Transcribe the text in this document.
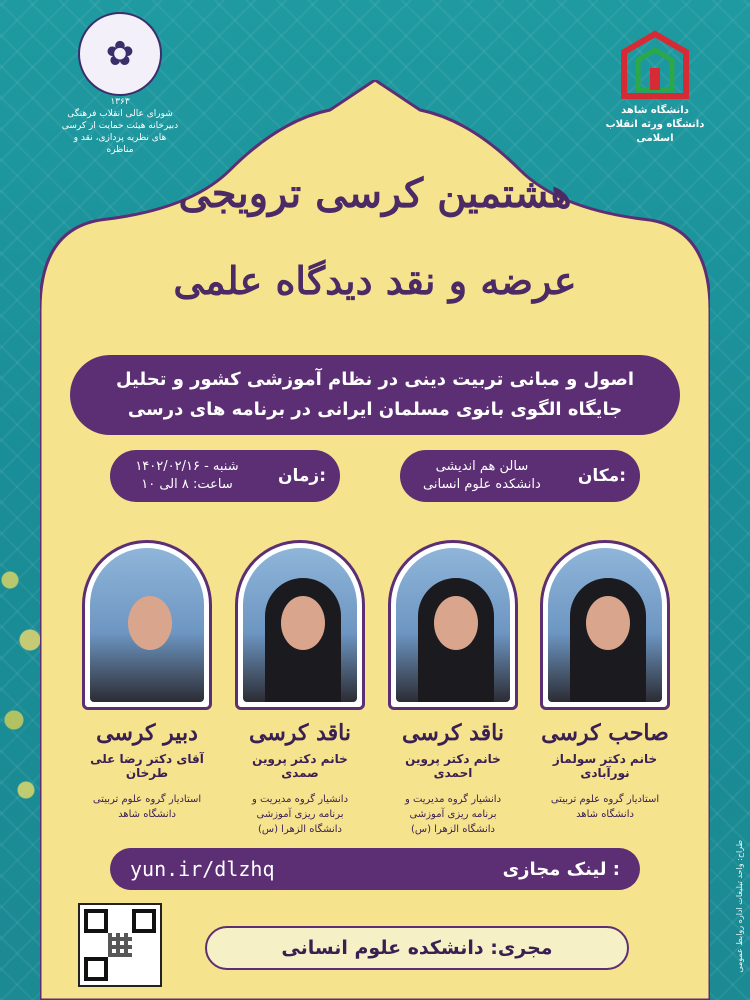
✿
۱۳۶۳
شورای عالی انقلاب فرهنگی
دبیرخانه هیئت حمایت از کرسی های نظریه پردازی، نقد و مناظره
دانشگاه شاهد
دانشگاه ورثه انقلاب اسلامی
هشتمین کرسی ترویجی
عرضه و نقد دیدگاه علمی
اصول و مبانی تربیت دینی در نظام آموزشی کشور و تحلیل
جایگاه الگوی بانوی مسلمان ایرانی در برنامه های درسی
مکان:
سالن هم اندیشی
دانشکده علوم انسانی
زمان:
شنبه - ۱۴۰۲/۰۲/۱۶
ساعت: ۸ الی ۱۰
دبیر کرسی
آقای دکتر رضا علی طرخان
استادیار گروه علوم تربیتی
دانشگاه شاهد
ناقد کرسی
خانم دکتر پروین صمدی
دانشیار گروه مدیریت و
برنامه ریزی آموزشی
دانشگاه الزهرا (س)
ناقد کرسی
خانم دکتر پروین احمدی
دانشیار گروه مدیریت و
برنامه ریزی آموزشی
دانشگاه الزهرا (س)
صاحب کرسی
خانم دکتر سولماز نورآبادی
استادیار گروه علوم تربیتی
دانشگاه شاهد
yun.ir/dlzhq	لینک مجازی :
مجری: دانشکده علوم انسانی	طراح: واحد تبلیغات اداره روابط عمومی
